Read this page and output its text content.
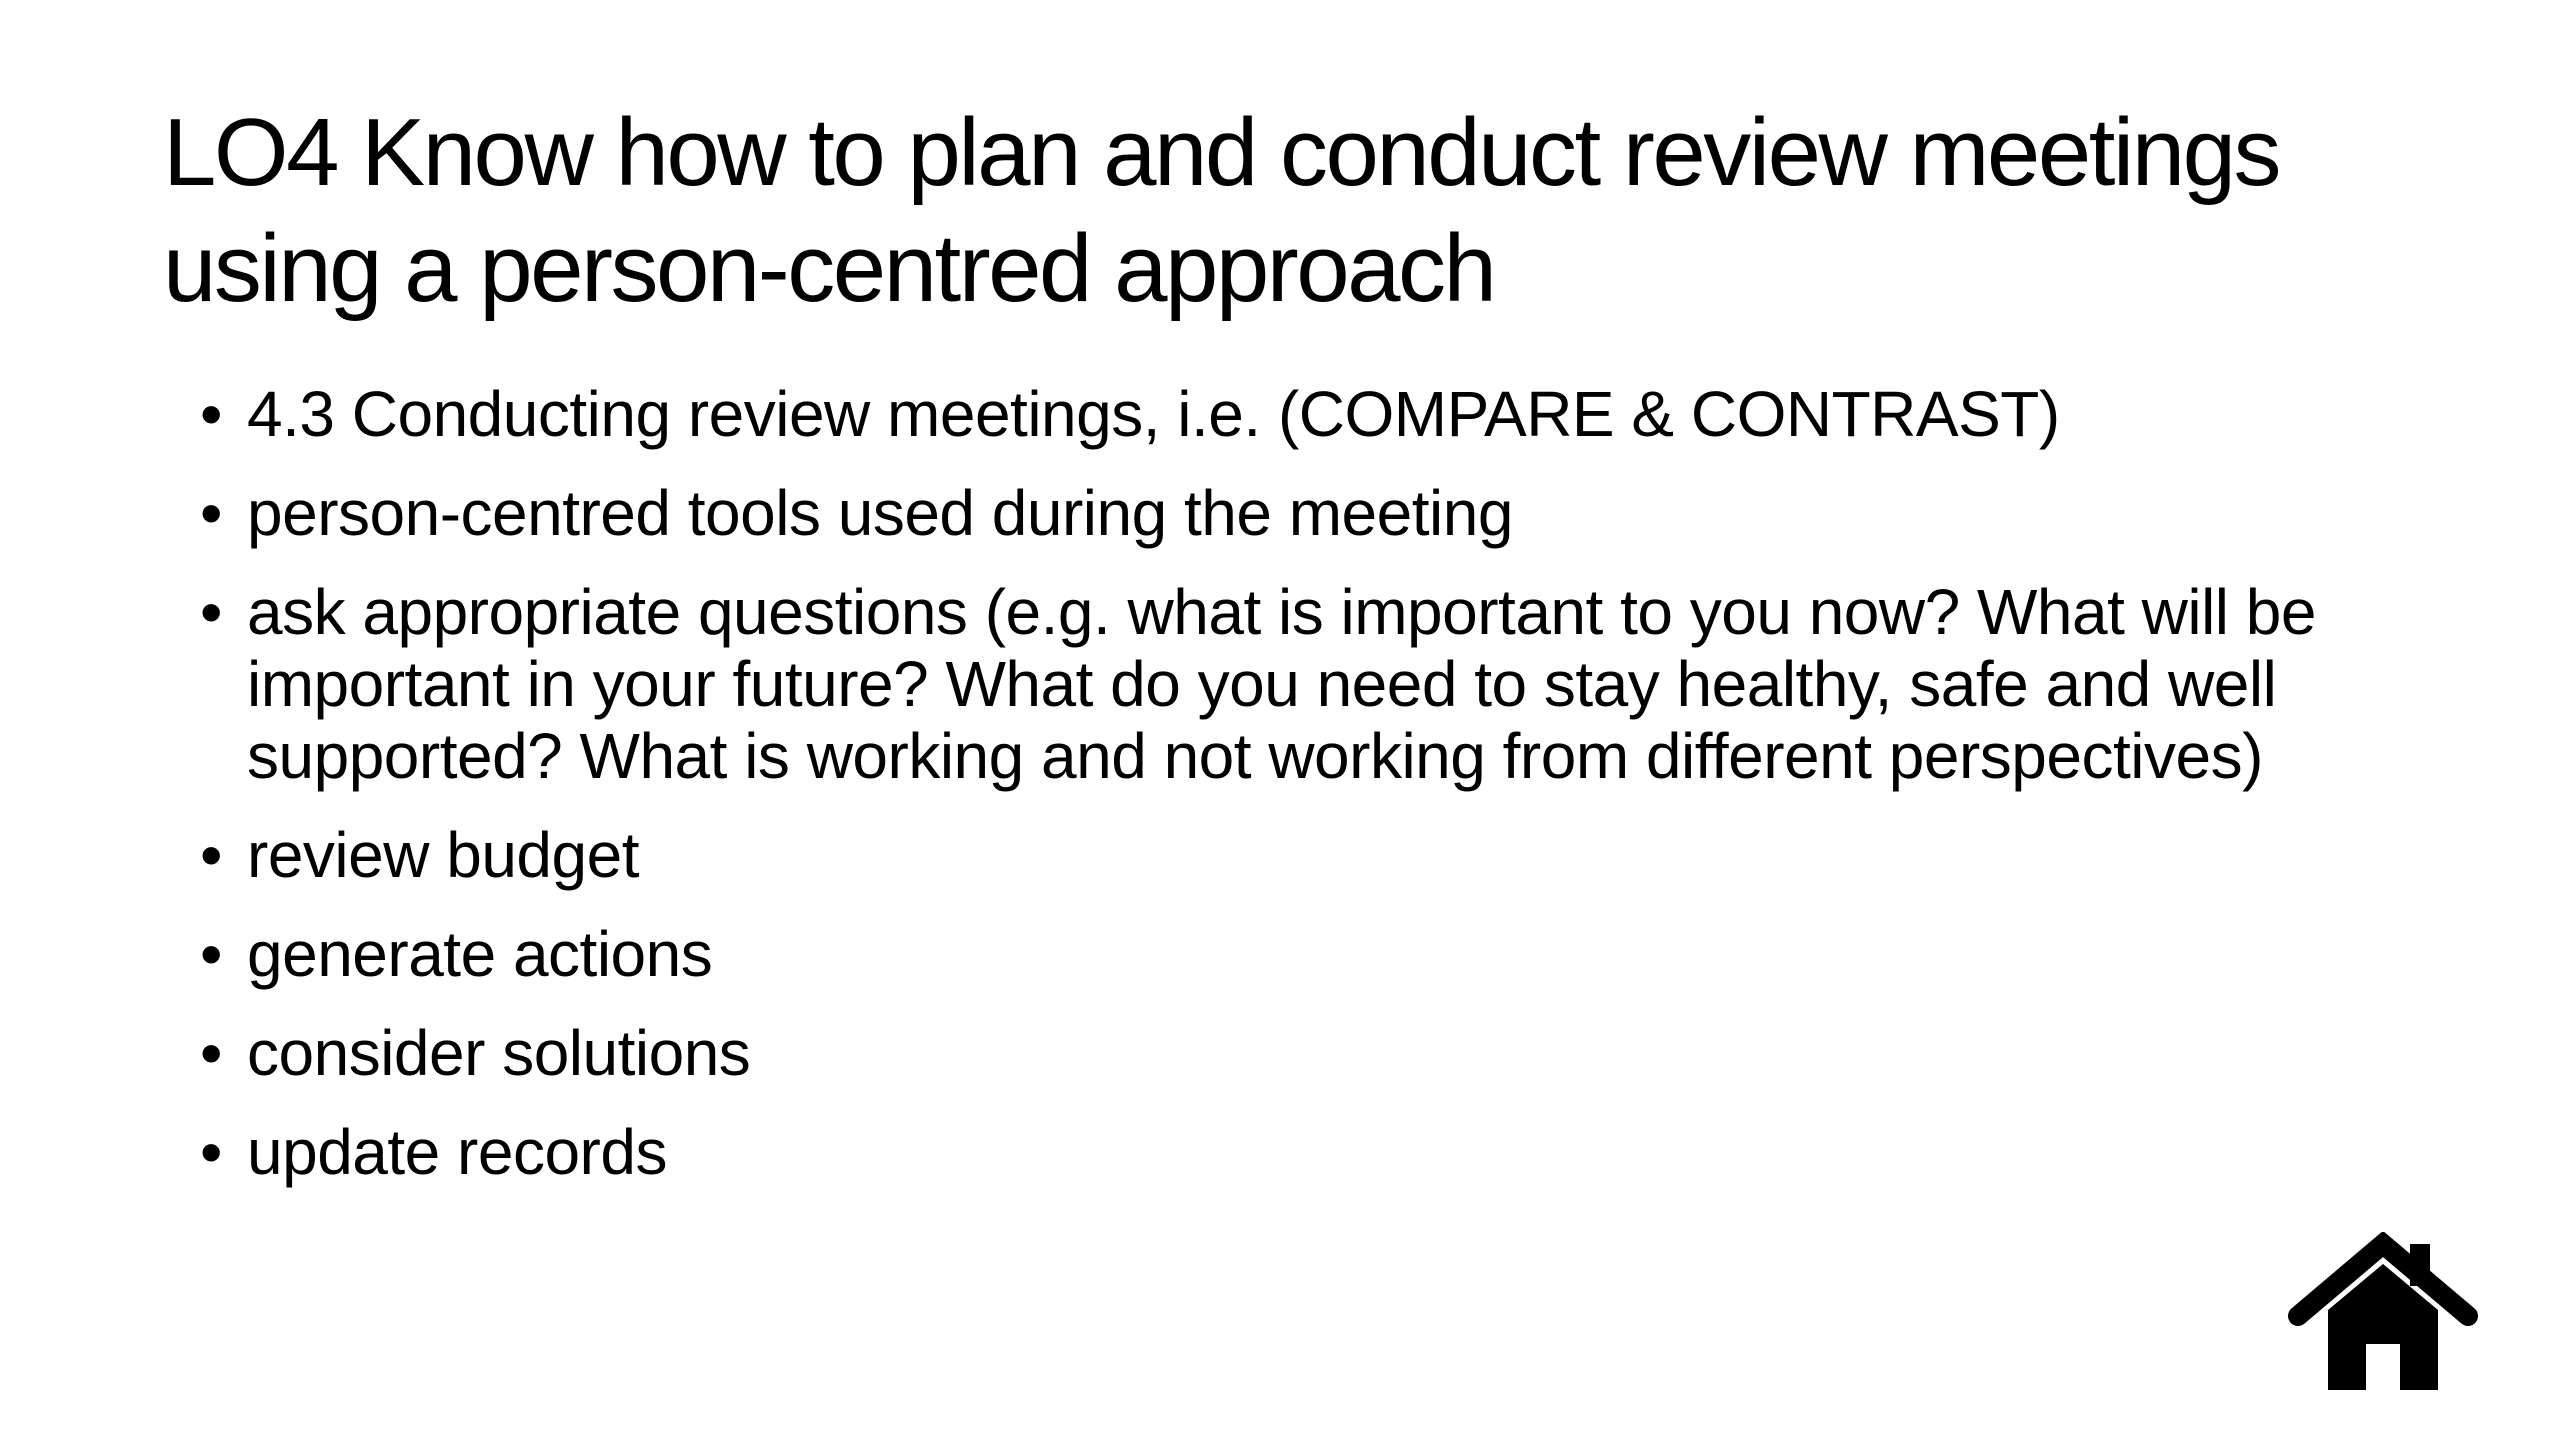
LO4 Know how to plan and conduct review meetings using a person-centred approach
• 4.3 Conducting review meetings, i.e. (COMPARE & CONTRAST)
• person-centred tools used during the meeting
• ask appropriate questions (e.g. what is important to you now? What will be important in your future? What do you need to stay healthy, safe and well supported? What is working and not working from different perspectives)
• review budget
• generate actions
• consider solutions
• update records
